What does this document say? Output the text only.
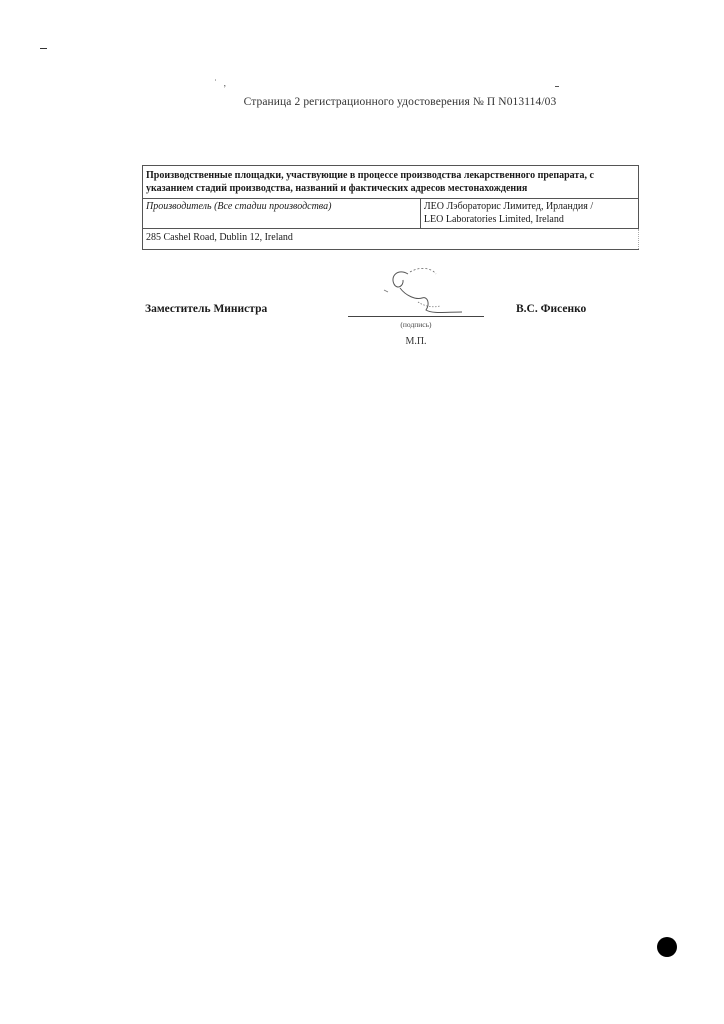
˙ ‚
Страница 2 регистрационного удостоверения № П N013114/03
Производственные площадки, участвующие в процессе производства лекарственного препарата, с указанием стадий производства, названий и фактических адресов местонахождения
Производитель (Все стадии производства)	ЛЕО Лэбораторис Лимитед, Ирландия /
LEO Laboratories Limited, Ireland

285 Cashel Road, Dublin 12, Ireland
Заместитель Министра	В.С. Фисенко
(подпись)
М.П.
